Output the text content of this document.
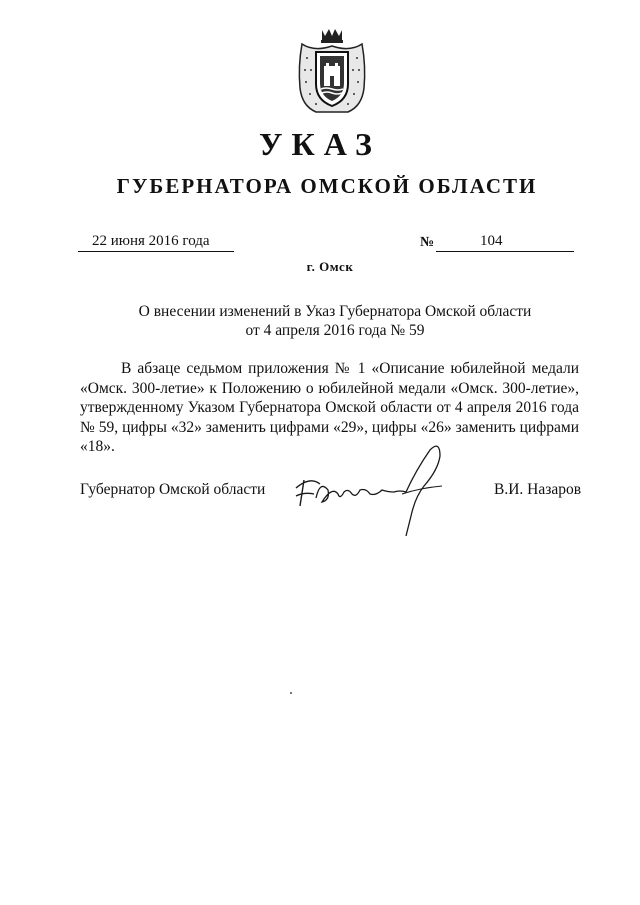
УКАЗ
ГУБЕРНАТОРА ОМСКОЙ ОБЛАСТИ
22 июня 2016 года	№	104
г. Омск
О внесении изменений в Указ Губернатора Омской области
от 4 апреля 2016 года № 59
В абзаце седьмом приложения № 1 «Описание юбилейной медали «Омск. 300-летие» к Положению о юбилейной медали «Омск. 300-летие», утвержденному Указом Губернатора Омской области от 4 апреля 2016 года № 59, цифры «32» заменить цифрами «29», цифры «26» заменить цифрами «18».
Губернатор Омской области	В.И. Назаров
